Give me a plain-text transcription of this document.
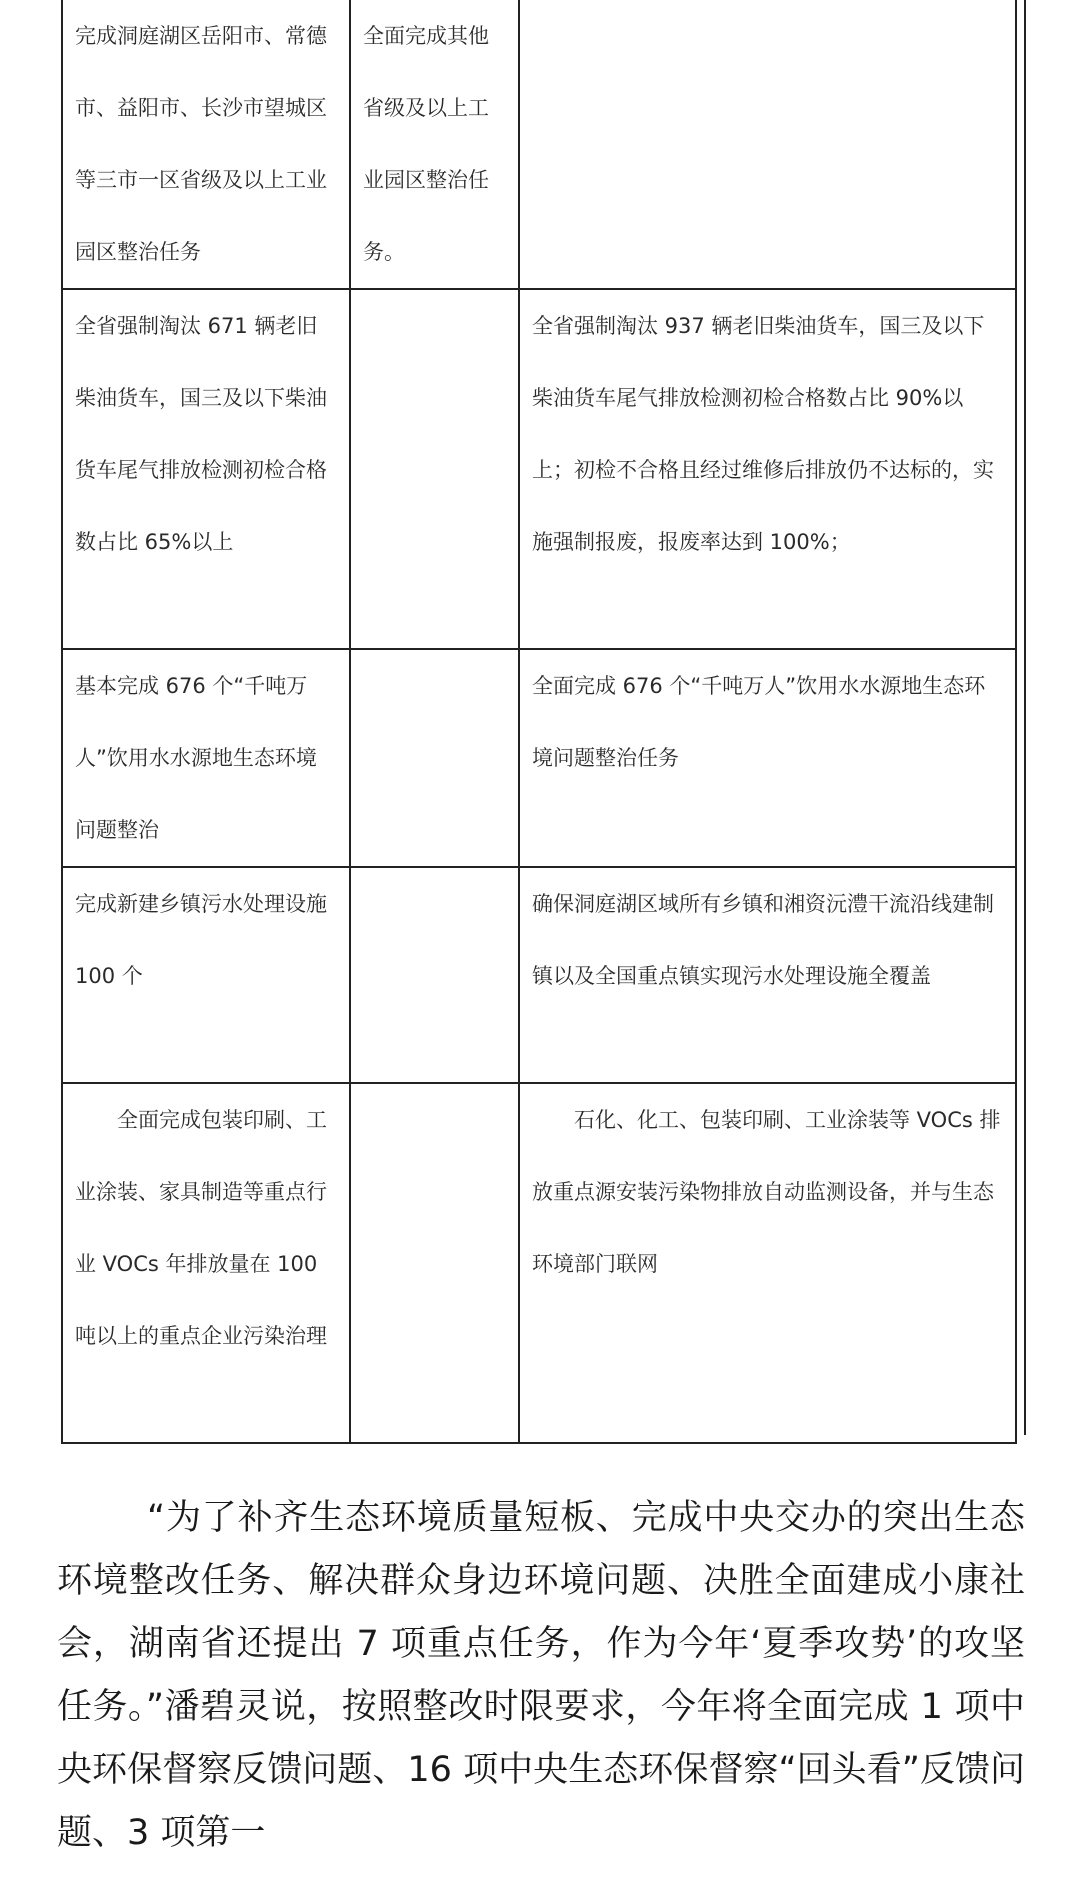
完成洞庭湖区岳阳市、常德市、益阳市、长沙市望城区等三市一区省级及以上工业园区整治任务	全面完成其他省级及以上工业园区整治任务。	
全省强制淘汰 671 辆老旧柴油货车，国三及以下柴油货车尾气排放检测初检合格数占比 65%以上		全省强制淘汰 937 辆老旧柴油货车，国三及以下柴油货车尾气排放检测初检合格数占比 90%以上；初检不合格且经过维修后排放仍不达标的，实施强制报废，报废率达到 100%；
基本完成 676 个“千吨万人”饮用水水源地生态环境问题整治		全面完成 676 个“千吨万人”饮用水水源地生态环境问题整治任务
完成新建乡镇污水处理设施 100 个		确保洞庭湖区域所有乡镇和湘资沅澧干流沿线建制镇以及全国重点镇实现污水处理设施全覆盖
全面完成包装印刷、工业涂装、家具制造等重点行业 VOCs 年排放量在 100 吨以上的重点企业污染治理		石化、化工、包装印刷、工业涂装等 VOCs 排放重点源安装污染物排放自动监测设备，并与生态环境部门联网

“为了补齐生态环境质量短板、完成中央交办的突出生态环境整改任务、解决群众身边环境问题、决胜全面建成小康社会，湖南省还提出 7 项重点任务，作为今年‘夏季攻势’的攻坚任务。”潘碧灵说，按照整改时限要求，今年将全面完成 1 项中央环保督察反馈问题、16 项中央生态环保督察“回头看”反馈问题、3 项第一
